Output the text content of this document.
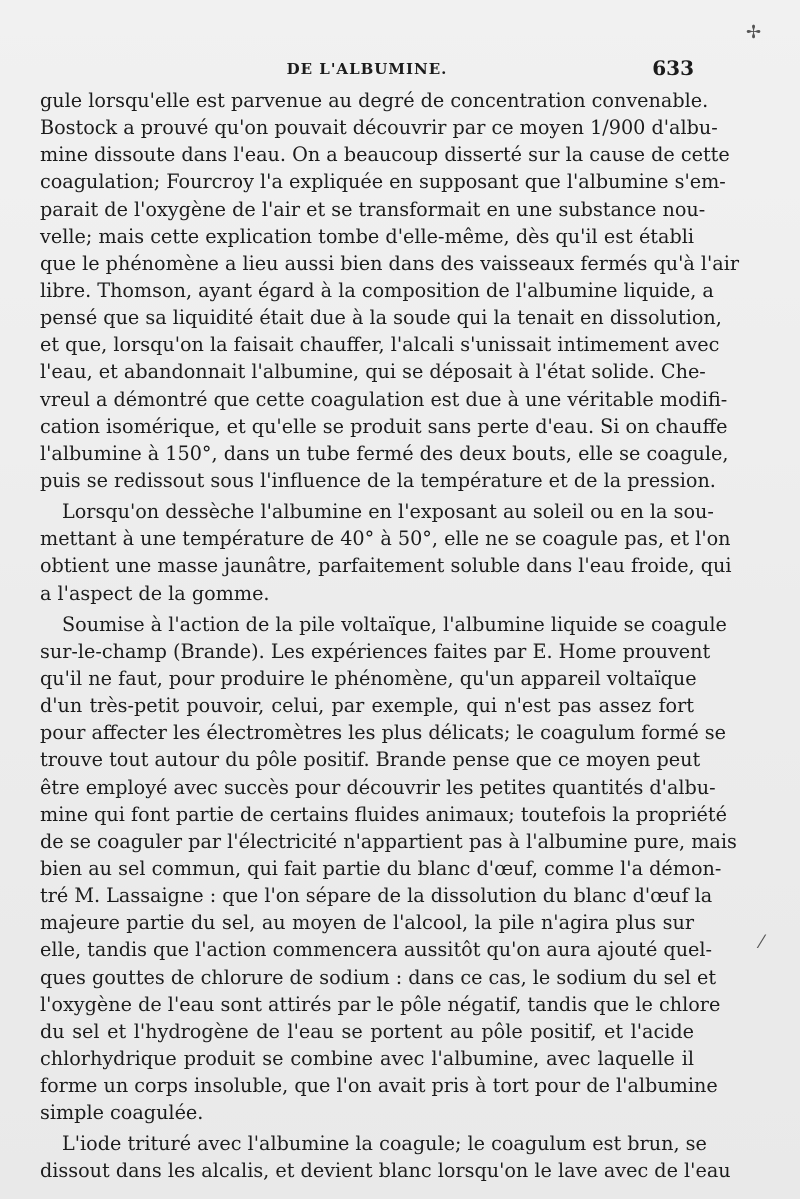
DE L'ALBUMINE.	633
gule lorsqu'elle est parvenue au degré de concentration convenable.
Bostock a prouvé qu'on pouvait découvrir par ce moyen 1/900 d'albu-
mine dissoute dans l'eau. On a beaucoup disserté sur la cause de cette
coagulation; Fourcroy l'a expliquée en supposant que l'albumine s'em-
parait de l'oxygène de l'air et se transformait en une substance nou-
velle; mais cette explication tombe d'elle-même, dès qu'il est établi
que le phénomène a lieu aussi bien dans des vaisseaux fermés qu'à l'air
libre. Thomson, ayant égard à la composition de l'albumine liquide, a
pensé que sa liquidité était due à la soude qui la tenait en dissolution,
et que, lorsqu'on la faisait chauffer, l'alcali s'unissait intimement avec
l'eau, et abandonnait l'albumine, qui se déposait à l'état solide. Che-
vreul a démontré que cette coagulation est due à une véritable modifi-
cation isomérique, et qu'elle se produit sans perte d'eau. Si on chauffe
l'albumine à 150°, dans un tube fermé des deux bouts, elle se coagule,
puis se redissout sous l'influence de la température et de la pression.
Lorsqu'on dessèche l'albumine en l'exposant au soleil ou en la sou-
mettant à une température de 40° à 50°, elle ne se coagule pas, et l'on
obtient une masse jaunâtre, parfaitement soluble dans l'eau froide, qui
a l'aspect de la gomme.
Soumise à l'action de la pile voltaïque, l'albumine liquide se coagule
sur-le-champ (Brande). Les expériences faites par E. Home prouvent
qu'il ne faut, pour produire le phénomène, qu'un appareil voltaïque
d'un très-petit pouvoir, celui, par exemple, qui n'est pas assez fort
pour affecter les électromètres les plus délicats; le coagulum formé se
trouve tout autour du pôle positif. Brande pense que ce moyen peut
être employé avec succès pour découvrir les petites quantités d'albu-
mine qui font partie de certains fluides animaux; toutefois la propriété
de se coaguler par l'électricité n'appartient pas à l'albumine pure, mais
bien au sel commun, qui fait partie du blanc d'œuf, comme l'a démon-
tré M. Lassaigne : que l'on sépare de la dissolution du blanc d'œuf la
majeure partie du sel, au moyen de l'alcool, la pile n'agira plus sur
elle, tandis que l'action commencera aussitôt qu'on aura ajouté quel-
ques gouttes de chlorure de sodium : dans ce cas, le sodium du sel et
l'oxygène de l'eau sont attirés par le pôle négatif, tandis que le chlore
du sel et l'hydrogène de l'eau se portent au pôle positif, et l'acide
chlorhydrique produit se combine avec l'albumine, avec laquelle il
forme un corps insoluble, que l'on avait pris à tort pour de l'albumine
simple coagulée.
L'iode trituré avec l'albumine la coagule; le coagulum est brun, se
dissout dans les alcalis, et devient blanc lorsqu'on le lave avec de l'eau
✢
⁄
